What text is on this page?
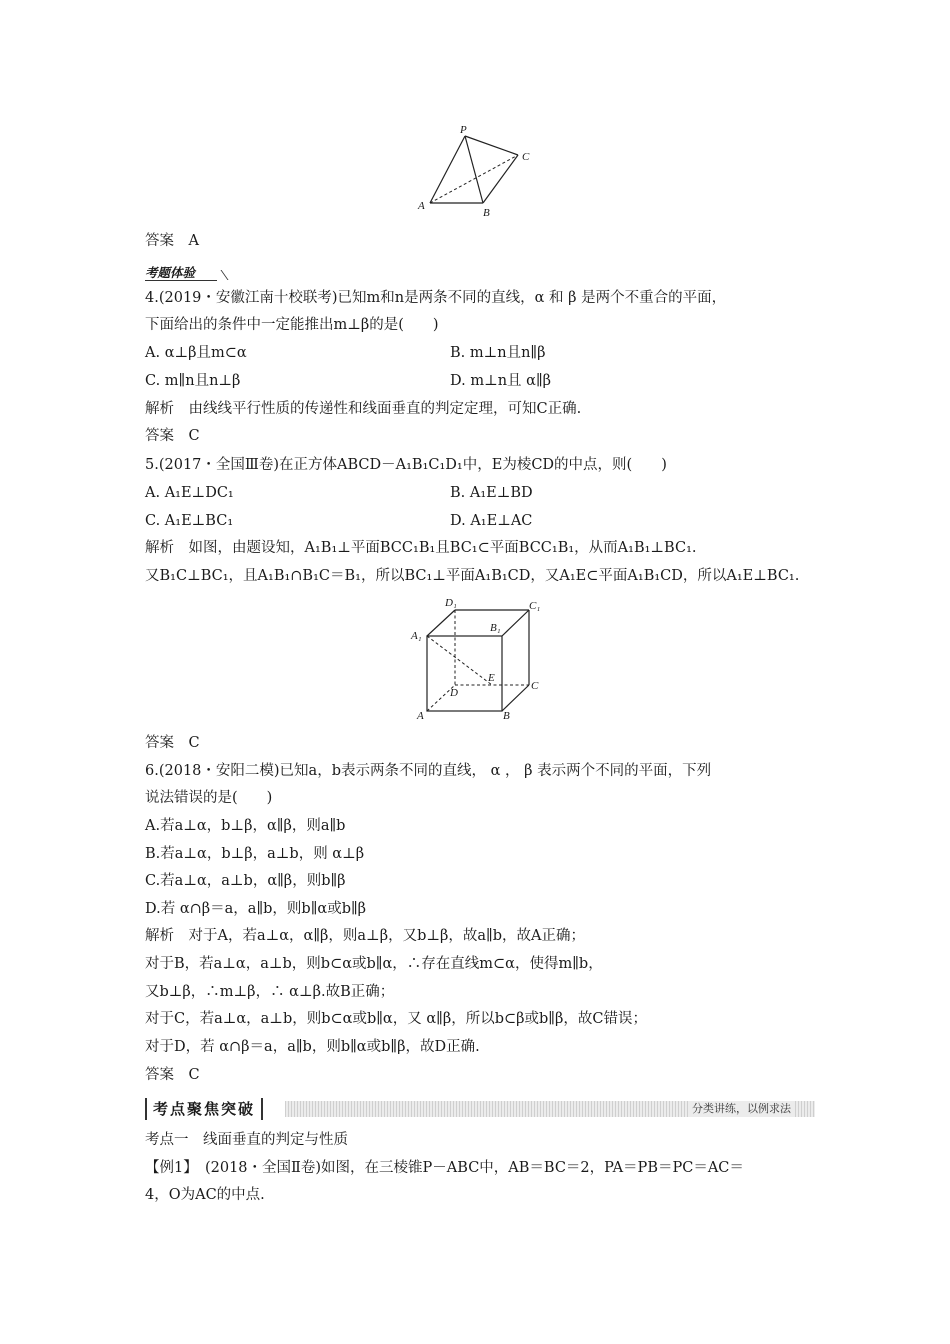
P
C
A
B
答案　A
考题体验
4.(2019・安徽江南十校联考)已知m和n是两条不同的直线，α 和 β 是两个不重合的平面，
下面给出的条件中一定能推出m⊥β的是(　　)
A. α⊥β且m⊂α	B. m⊥n且n∥β
C. m∥n且n⊥β	D. m⊥n且 α∥β
解析　由线线平行性质的传递性和线面垂直的判定定理，可知C正确.
答案　C
5.(2017・全国Ⅲ卷)在正方体ABCD－A₁B₁C₁D₁中，E为棱CD的中点，则(　　)
A. A₁E⊥DC₁	B. A₁E⊥BD
C. A₁E⊥BC₁	D. A₁E⊥AC
解析　如图，由题设知，A₁B₁⊥平面BCC₁B₁且BC₁⊂平面BCC₁B₁，从而A₁B₁⊥BC₁.
又B₁C⊥BC₁，且A₁B₁∩B₁C＝B₁，所以BC₁⊥平面A₁B₁CD，又A₁E⊂平面A₁B₁CD，所以A₁E⊥BC₁.
D₁	C₁
A₁
B₁
E
D
C
A	B
答案　C
6.(2018・安阳二模)已知a，b表示两条不同的直线， α ， β 表示两个不同的平面，下列
说法错误的是(　　)
A.若a⊥α，b⊥β，α∥β，则a∥b
B.若a⊥α，b⊥β，a⊥b，则 α⊥β
C.若a⊥α，a⊥b，α∥β，则b∥β
D.若 α∩β＝a，a∥b，则b∥α或b∥β
解析　对于A，若a⊥α，α∥β，则a⊥β，又b⊥β，故a∥b，故A正确；
对于B，若a⊥α，a⊥b，则b⊂α或b∥α，∴存在直线m⊂α，使得m∥b，
又b⊥β，∴m⊥β，∴ α⊥β.故B正确；
对于C，若a⊥α，a⊥b，则b⊂α或b∥α，又 α∥β，所以b⊂β或b∥β，故C错误；
对于D，若 α∩β＝a，a∥b，则b∥α或b∥β，故D正确.
答案　C
考点聚焦突破	分类讲练，以例求法
考点一　线面垂直的判定与性质
【例1】　(2018・全国Ⅱ卷)如图，在三棱锥P－ABC中，AB＝BC＝2，PA＝PB＝PC＝AC＝
4，O为AC的中点.
